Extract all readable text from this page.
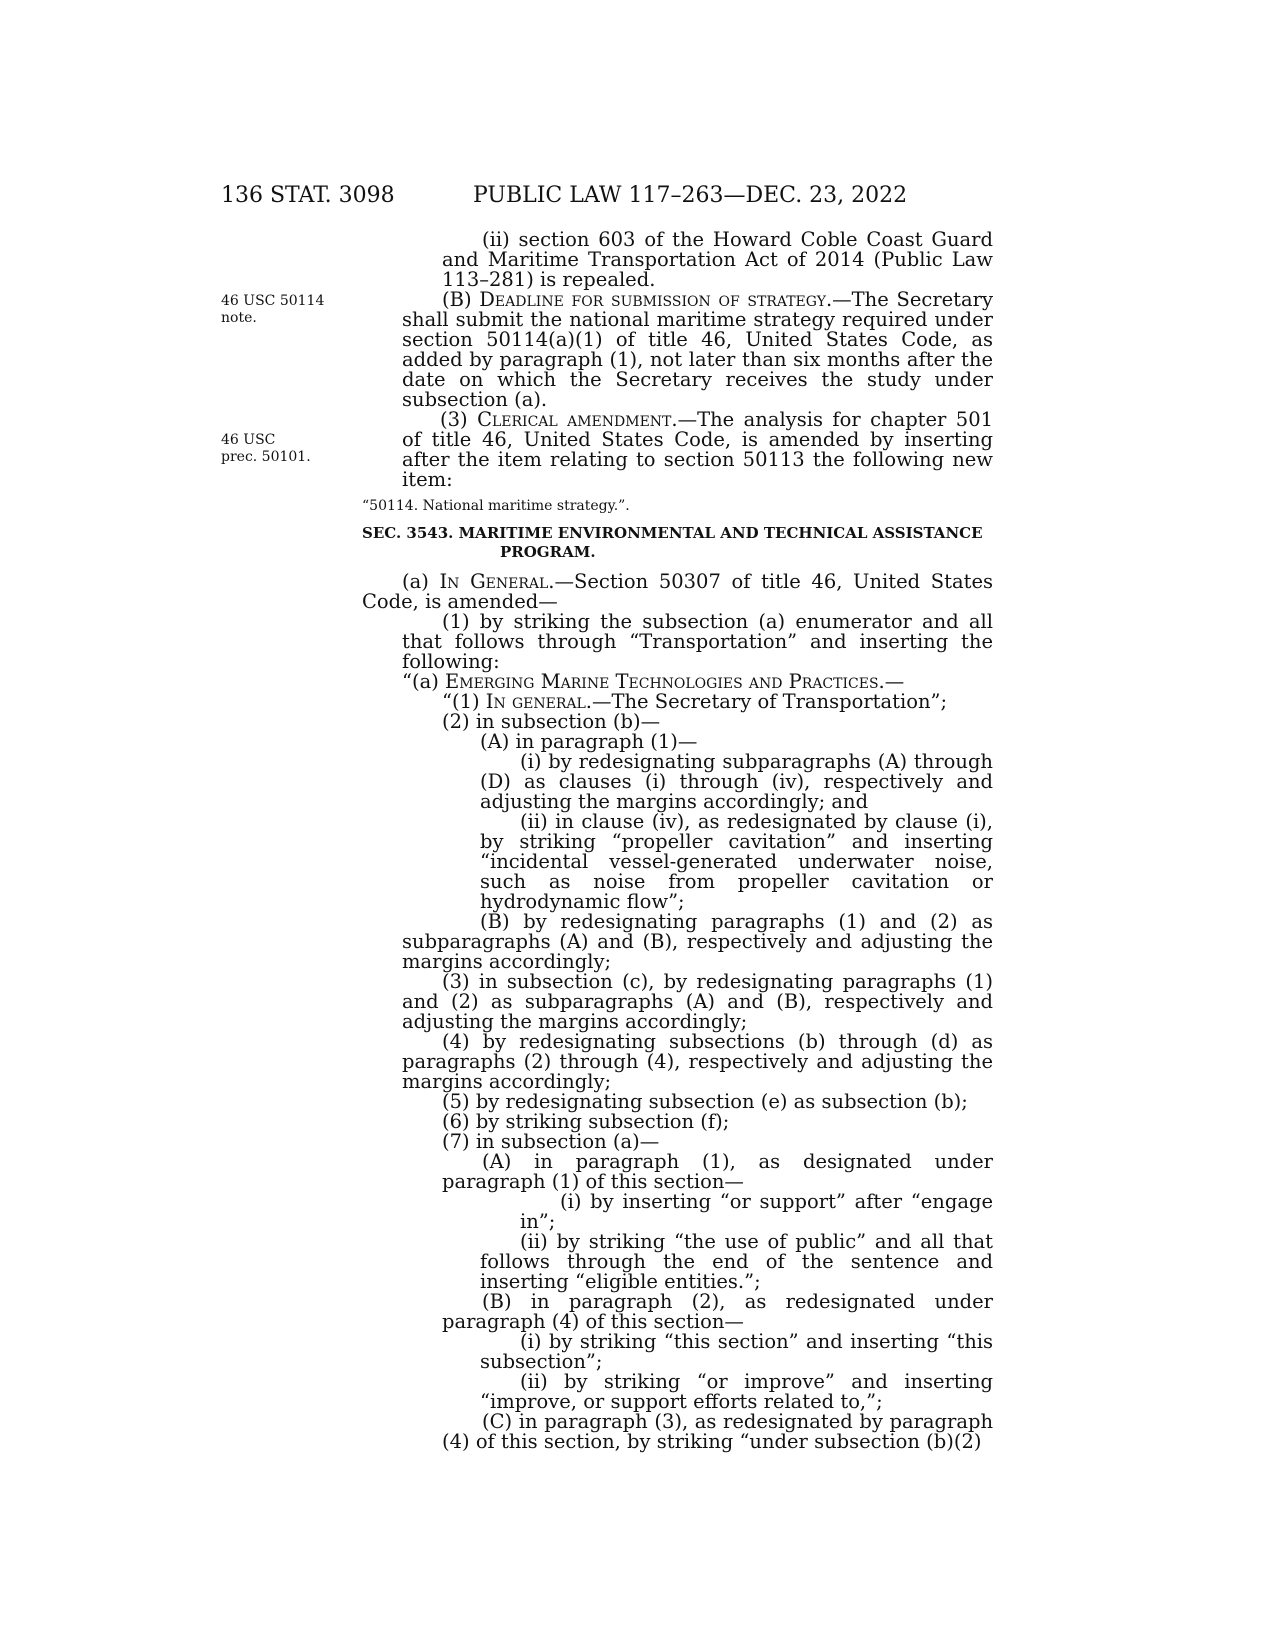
136 STAT. 3098	PUBLIC LAW 117–263—DEC. 23, 2022
46 USC 50114
note.
46 USC
prec. 50101.

(ii) section 603 of the Howard Coble Coast Guard and Maritime Transportation Act of 2014 (Public Law 113–281) is repealed.

(B) Deadline for submission of strategy.—The Secretary shall submit the national maritime strategy required under section 50114(a)(1) of title 46, United States Code, as added by paragraph (1), not later than six months after the date on which the Secretary receives the study under subsection (a).

(3) Clerical amendment.—The analysis for chapter 501 of title 46, United States Code, is amended by inserting after the item relating to section 50113 the following new item:

“50114. National maritime strategy.”.

SEC. 3543. MARITIME ENVIRONMENTAL AND TECHNICAL ASSISTANCE
PROGRAM.

(a) In General.—Section 50307 of title 46, United States Code, is amended—

(1) by striking the subsection (a) enumerator and all that follows through “Transportation” and inserting the following:

“(a) Emerging Marine Technologies and Practices.—

“(1) In general.—The Secretary of Transportation”;

(2) in subsection (b)—

(A) in paragraph (1)—

(i) by redesignating subparagraphs (A) through (D) as clauses (i) through (iv), respectively and adjusting the margins accordingly; and

(ii) in clause (iv), as redesignated by clause (i), by striking “propeller cavitation” and inserting “incidental vessel-generated underwater noise, such as noise from propeller cavitation or hydrodynamic flow”;

(B) by redesignating paragraphs (1) and (2) as subparagraphs (A) and (B), respectively and adjusting the margins accordingly;

(3) in subsection (c), by redesignating paragraphs (1) and (2) as subparagraphs (A) and (B), respectively and adjusting the margins accordingly;

(4) by redesignating subsections (b) through (d) as paragraphs (2) through (4), respectively and adjusting the margins accordingly;

(5) by redesignating subsection (e) as subsection (b);

(6) by striking subsection (f);

(7) in subsection (a)—

(A) in paragraph (1), as designated under paragraph (1) of this section—

(i) by inserting “or support” after “engage in”;

(ii) by striking “the use of public” and all that follows through the end of the sentence and inserting “eligible entities.”;

(B) in paragraph (2), as redesignated under paragraph (4) of this section—

(i) by striking “this section” and inserting “this subsection”;

(ii) by striking “or improve” and inserting “improve, or support efforts related to,”;

(C) in paragraph (3), as redesignated by paragraph (4) of this section, by striking “under subsection (b)(2)
